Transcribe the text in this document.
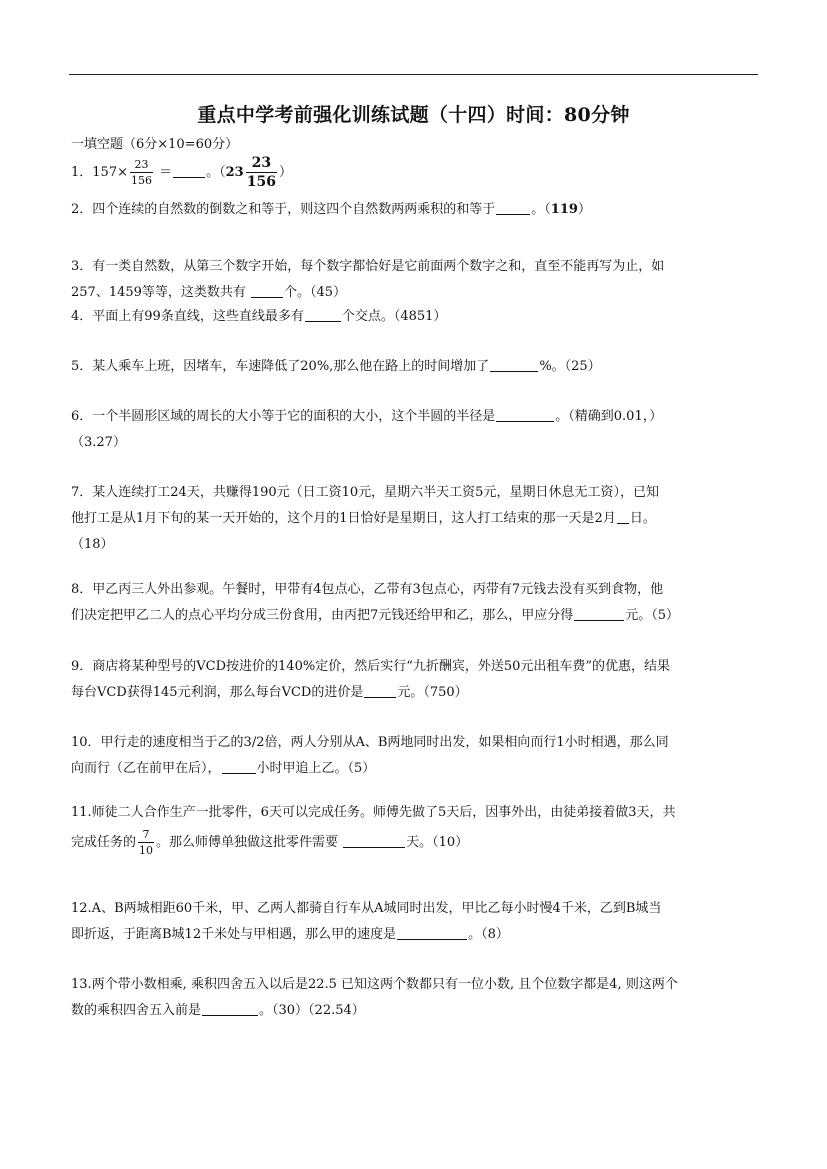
重点中学考前强化训练试题（十四）时间：80分钟
一填空题（6分×10=60分）
1．$157\times \frac{23}{156}$ ＝	。（$23 \frac{23}{156}$ ）
2．四个连续的自然数的倒数之和等于，则这四个自然数两两乘积的和等于	。（119）
3．有一类自然数，从第三个数字开始，每个数字都恰好是它前面两个数字之和，直至不能再写为止，如
257、1459等等，这类数共有	个。（45）
4．平面上有99条直线，这些直线最多有	个交点。（4851）
5．某人乘车上班，因堵车，车速降低了20%,那么他在路上的时间增加了	%。（25）
6．一个半圆形区域的周长的大小等于它的面积的大小，这个半圆的半径是	。（精确到0.01，）
（3.27）
7．某人连续打工24天，共赚得190元（日工资10元，星期六半天工资5元，星期日休息无工资），已知
他打工是从1月下旬的某一天开始的，这个月的1日恰好是星期日，这人打工结束的那一天是2月 日。
（18）
8．甲乙丙三人外出参观。午餐时，甲带有4包点心，乙带有3包点心，丙带有7元钱去没有买到食物，他
们决定把甲乙二人的点心平均分成三份食用，由丙把7元钱还给甲和乙，那么，甲应分得	元。（5）
9．商店将某种型号的VCD按进价的140%定价，然后实行“九折酬宾，外送50元出租车费”的优惠，结果
每台VCD获得145元利润，那么每台VCD的进价是	元。（750）
10．甲行走的速度相当于乙的3/2倍，两人分别从A、B两地同时出发，如果相向而行1小时相遇，那么同
向而行（乙在前甲在后），	小时甲追上乙。（5）
11.师徒二人合作生产一批零件，6天可以完成任务。师傅先做了5天后，因事外出，由徒弟接着做3天，共
完成任务的 $\frac{7}{10}$ 。那么师傅单独做这批零件需要	天。（10）
12.A、B两城相距60千米，甲、乙两人都骑自行车从A城同时出发，甲比乙每小时慢4千米，乙到B城当
即折返，于距离B城12千米处与甲相遇，那么甲的速度是	。（8）
13.两个带小数相乘, 乘积四舍五入以后是22.5 已知这两个数都只有一位小数, 且个位数字都是4, 则这两个
数的乘积四舍五入前是	。（30）（22.54）
